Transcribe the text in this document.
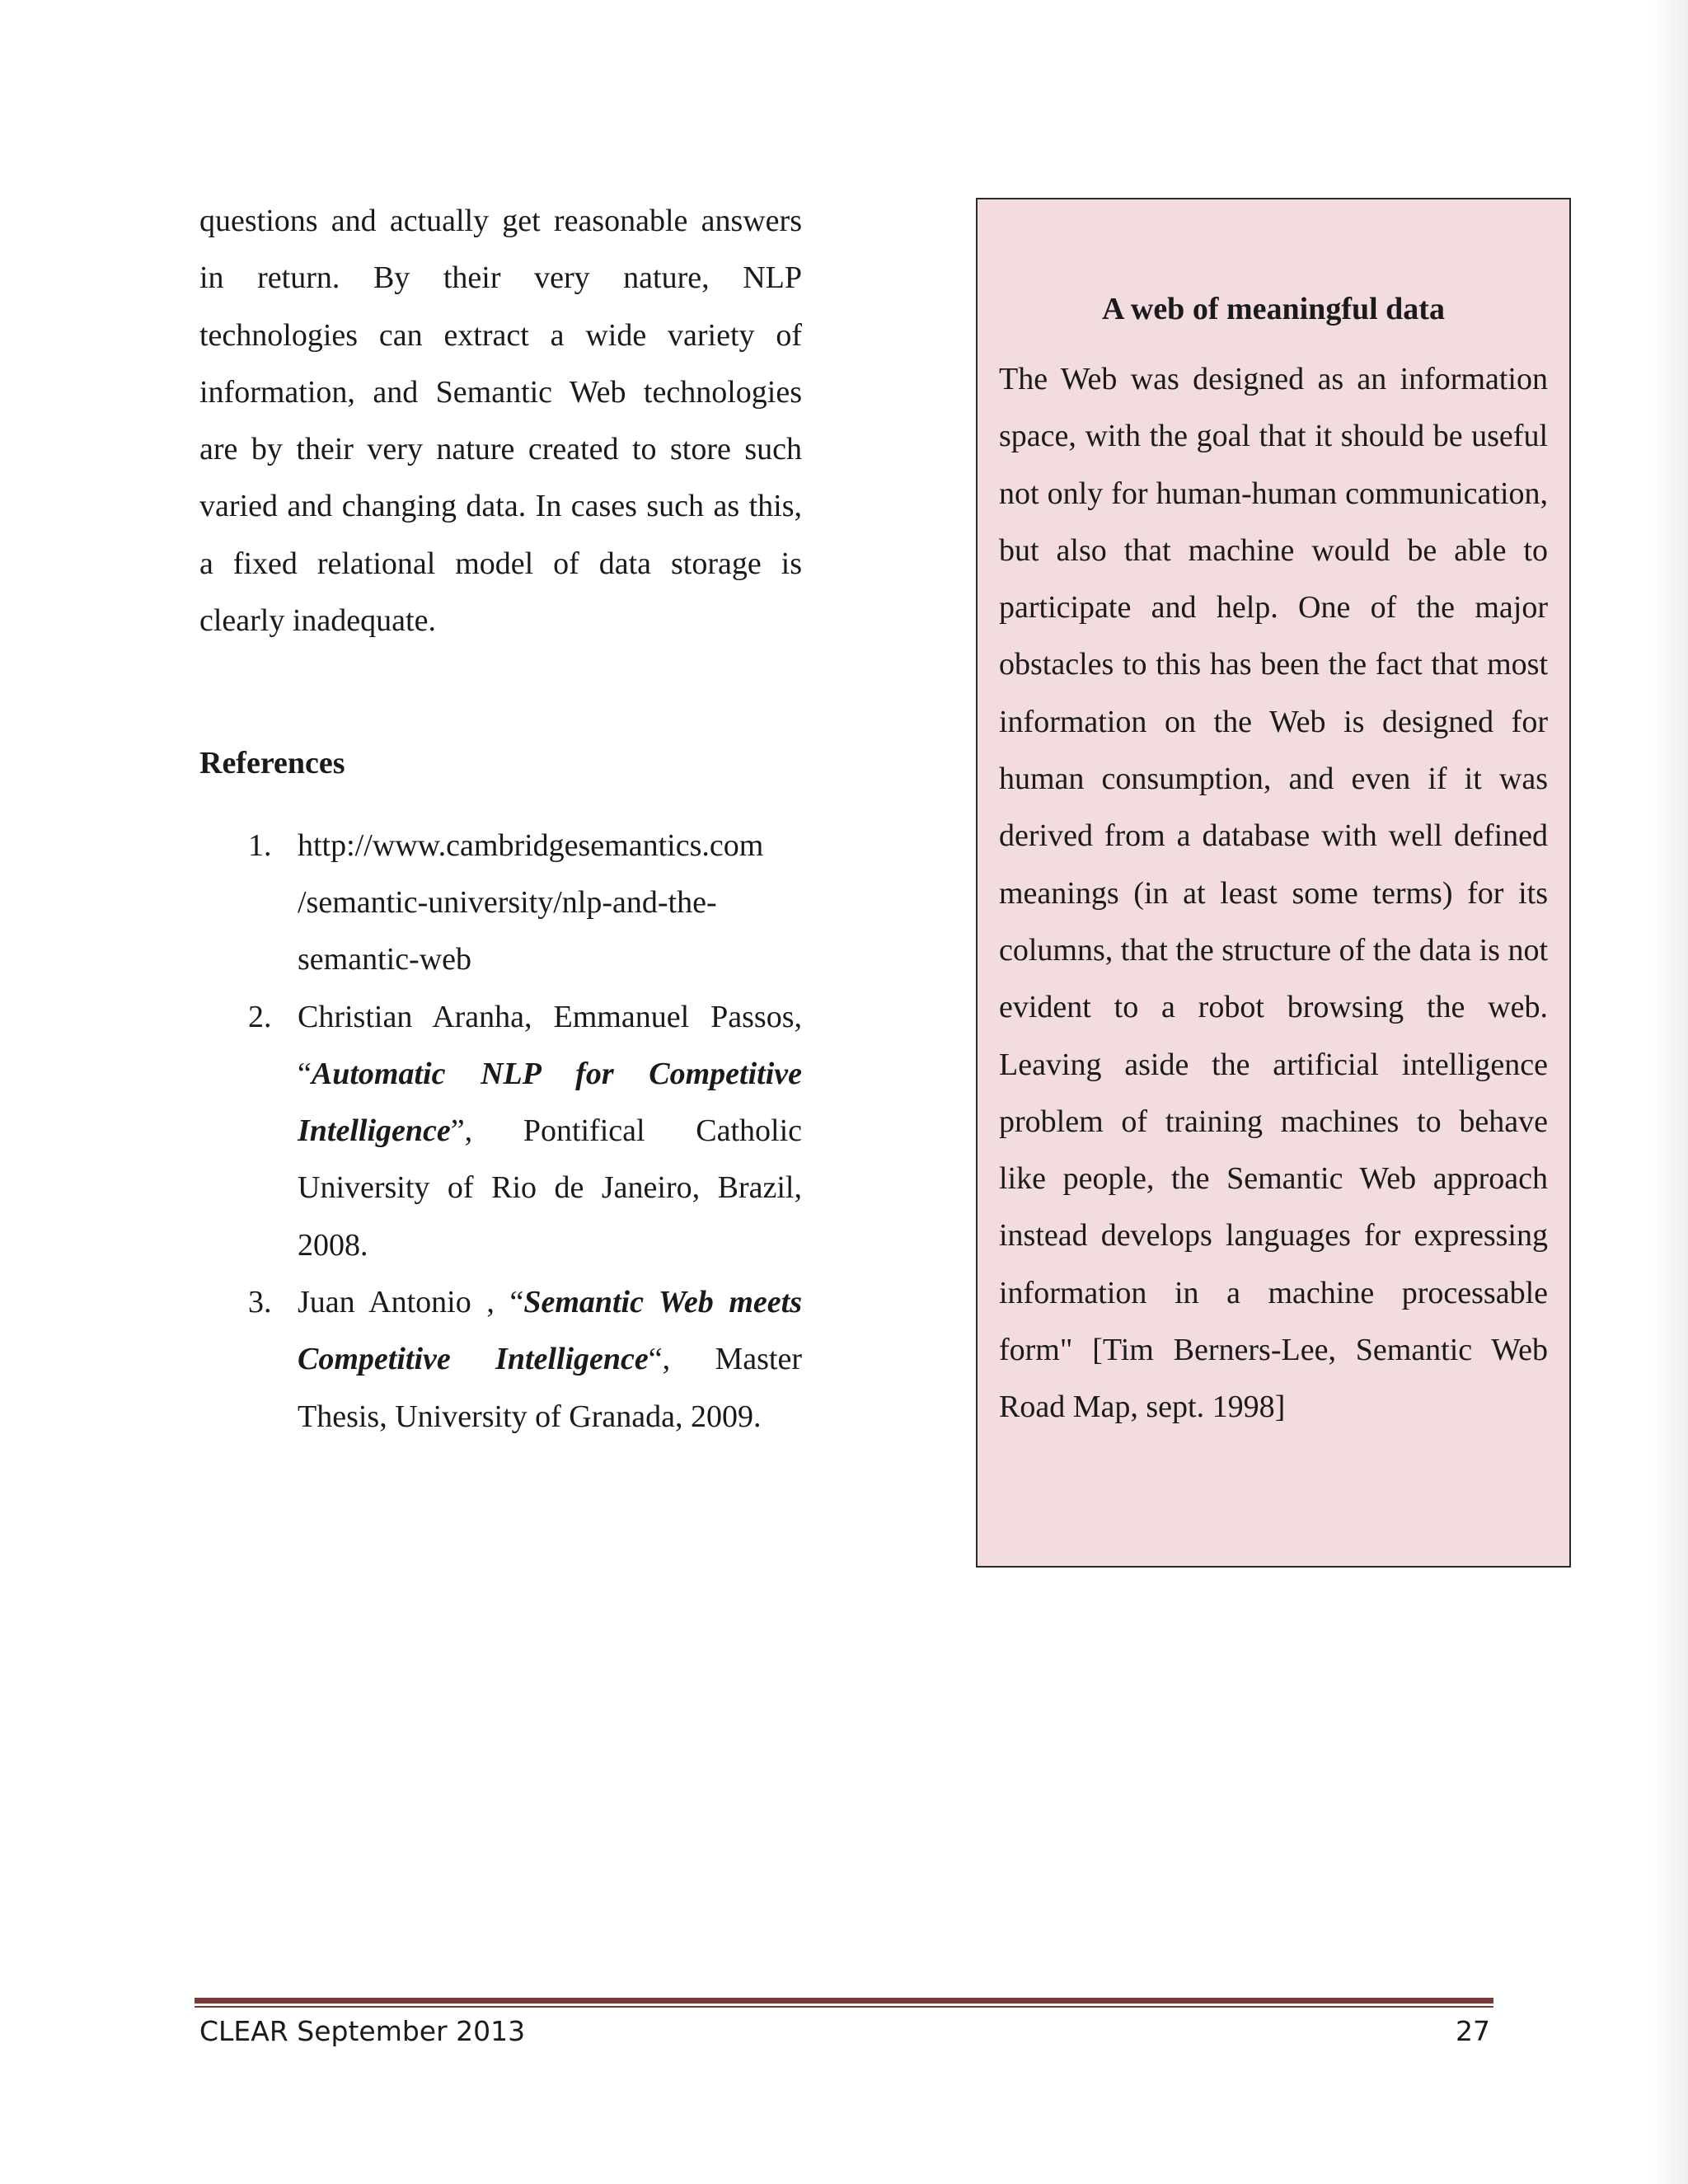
questions and actually get reasonable answers in return. By their very nature, NLP technologies can extract a wide variety of information, and Semantic Web technologies are by their very nature created to store such varied and changing data. In cases such as this, a fixed relational model of data storage is clearly inadequate.

References
1. http://www.cambridgesemantics.com /semantic-university/nlp-and-the- semantic-web
2. Christian Aranha, Emmanuel Passos, “Automatic NLP for Competitive Intelligence”, Pontifical Catholic University of Rio de Janeiro, Brazil, 2008.
3. Juan Antonio , “Semantic Web meets Competitive Intelligence“, Master Thesis, University of Granada, 2009.
A web of meaningful data

The Web was designed as an information space, with the goal that it should be useful not only for human-human communication, but also that machine would be able to participate and help. One of the major obstacles to this has been the fact that most information on the Web is designed for human consumption, and even if it was derived from a database with well defined meanings (in at least some terms) for its columns, that the structure of the data is not evident to a robot browsing the web. Leaving aside the artificial intelligence problem of training machines to behave like people, the Semantic Web approach instead develops languages for expressing information in a machine processable form" [Tim Berners-Lee, Semantic Web Road Map, sept. 1998]

CLEAR September 2013	27
